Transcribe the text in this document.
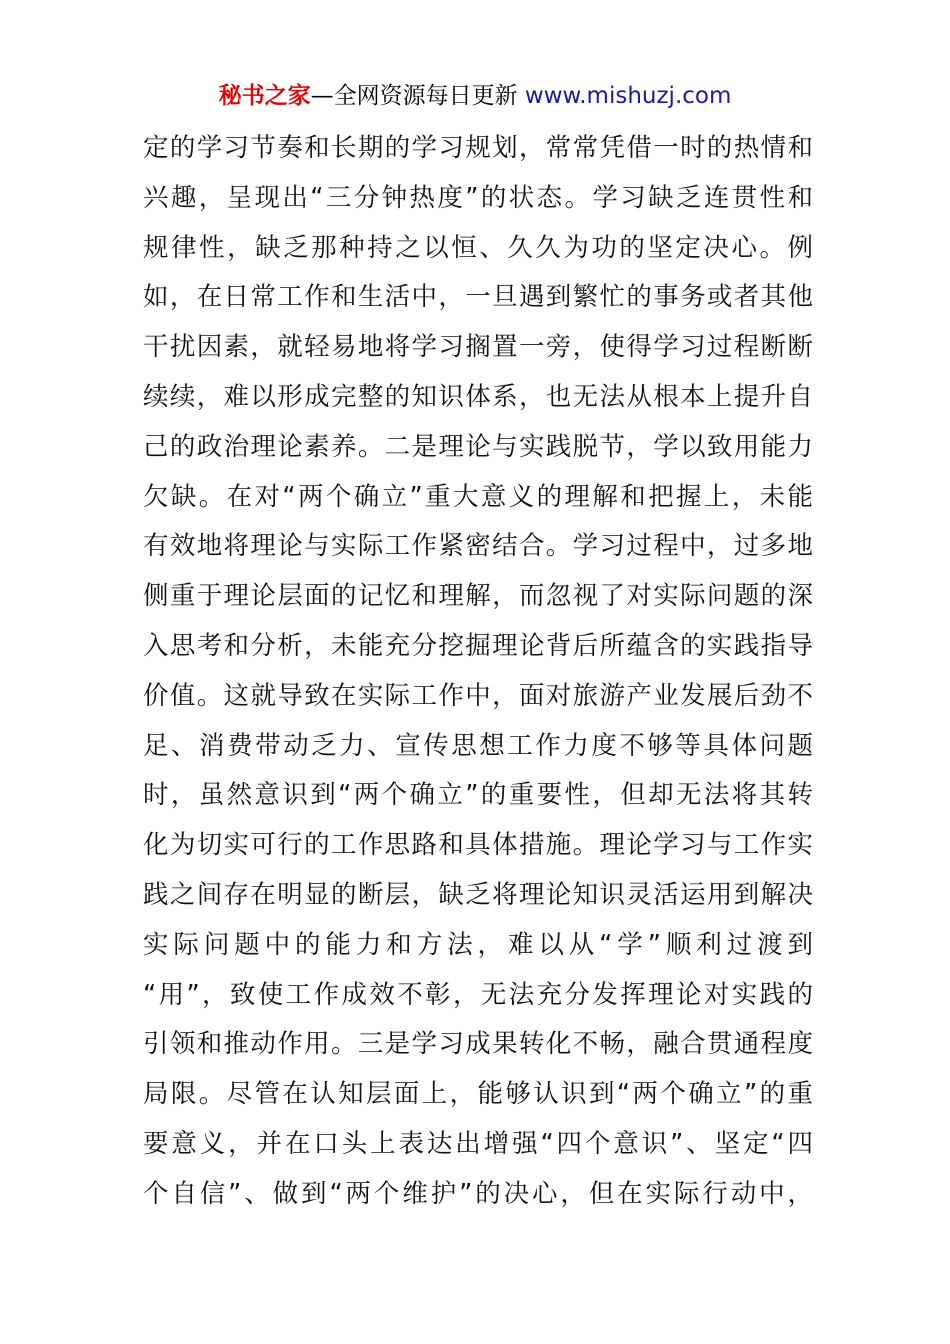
秘书之家—全网资源每日更新 www.mishuzj.com
定的学习节奏和长期的学习规划，常常凭借一时的热情和
兴趣，呈现出“三分钟热度”的状态。学习缺乏连贯性和
规律性，缺乏那种持之以恒、久久为功的坚定决心。例
如，在日常工作和生活中，一旦遇到繁忙的事务或者其他
干扰因素，就轻易地将学习搁置一旁，使得学习过程断断
续续，难以形成完整的知识体系，也无法从根本上提升自
己的政治理论素养。二是理论与实践脱节，学以致用能力
欠缺。在对“两个确立”重大意义的理解和把握上，未能
有效地将理论与实际工作紧密结合。学习过程中，过多地
侧重于理论层面的记忆和理解，而忽视了对实际问题的深
入思考和分析，未能充分挖掘理论背后所蕴含的实践指导
价值。这就导致在实际工作中，面对旅游产业发展后劲不
足、消费带动乏力、宣传思想工作力度不够等具体问题
时，虽然意识到“两个确立”的重要性，但却无法将其转
化为切实可行的工作思路和具体措施。理论学习与工作实
践之间存在明显的断层，缺乏将理论知识灵活运用到解决
实际问题中的能力和方法，难以从“学”顺利过渡到
“用”，致使工作成效不彰，无法充分发挥理论对实践的
引领和推动作用。三是学习成果转化不畅，融合贯通程度
局限。尽管在认知层面上，能够认识到“两个确立”的重
要意义，并在口头上表达出增强“四个意识”、坚定“四
个自信”、做到“两个维护”的决心，但在实际行动中，
